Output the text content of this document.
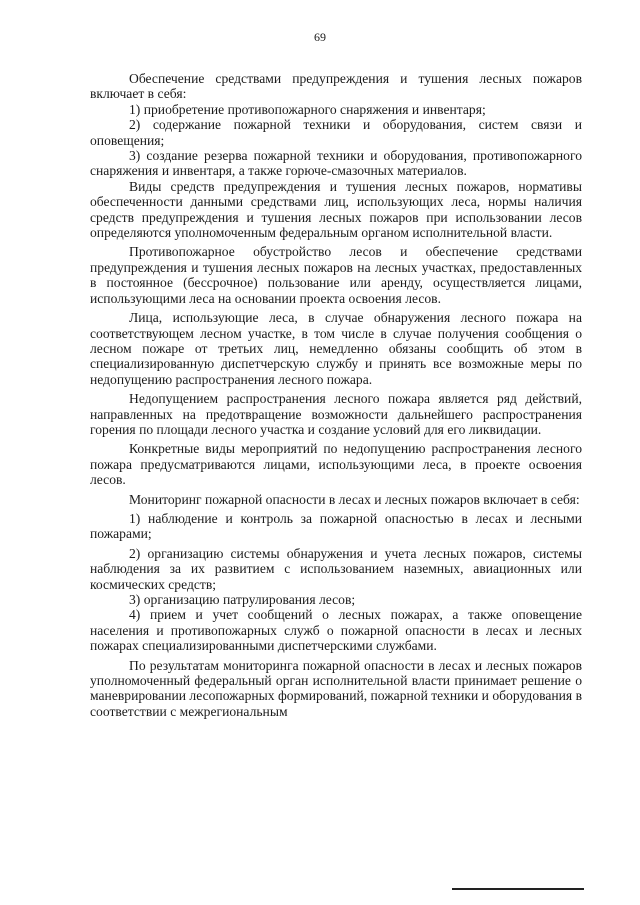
69

Обеспечение средствами предупреждения и тушения лесных пожаров включает в себя:

1) приобретение противопожарного снаряжения и инвентаря;

2) содержание пожарной техники и оборудования, систем связи и оповещения;

3) создание резерва пожарной техники и оборудования, противопожарного снаряжения и инвентаря, а также горюче-смазочных материалов.

Виды средств предупреждения и тушения лесных пожаров, нормативы обеспеченности данными средствами лиц, использующих леса, нормы наличия средств предупреждения и тушения лесных пожаров при использовании лесов определяются уполномоченным федеральным органом исполнительной власти.

Противопожарное обустройство лесов и обеспечение средствами предупреждения и тушения лесных пожаров на лесных участках, предоставленных в постоянное (бессрочное) пользование или аренду, осуществляется лицами, использующими леса на основании проекта освоения лесов.

Лица, использующие леса, в случае обнаружения лесного пожара на соответствующем лесном участке, в том числе в случае получения сообщения о лесном пожаре от третьих лиц, немедленно обязаны сообщить об этом в специализированную диспетчерскую службу и принять все возможные меры по недопущению распространения лесного пожара.

Недопущением распространения лесного пожара является ряд действий, направленных на предотвращение возможности дальнейшего распространения горения по площади лесного участка и создание условий для его ликвидации.

Конкретные виды мероприятий по недопущению распространения лесного пожара предусматриваются лицами, использующими леса, в проекте освоения лесов.

Мониторинг пожарной опасности в лесах и лесных пожаров включает в себя:

1) наблюдение и контроль за пожарной опасностью в лесах и лесными пожарами;

2) организацию системы обнаружения и учета лесных пожаров, системы наблюдения за их развитием с использованием наземных, авиационных или космических средств;

3) организацию патрулирования лесов;

4) прием и учет сообщений о лесных пожарах, а также оповещение населения и противопожарных служб о пожарной опасности в лесах и лесных пожарах специализированными диспетчерскими службами.

По результатам мониторинга пожарной опасности в лесах и лесных пожаров уполномоченный федеральный орган исполнительной власти принимает решение о маневрировании лесопожарных формирований, пожарной техники и оборудования в соответствии с межрегиональным
